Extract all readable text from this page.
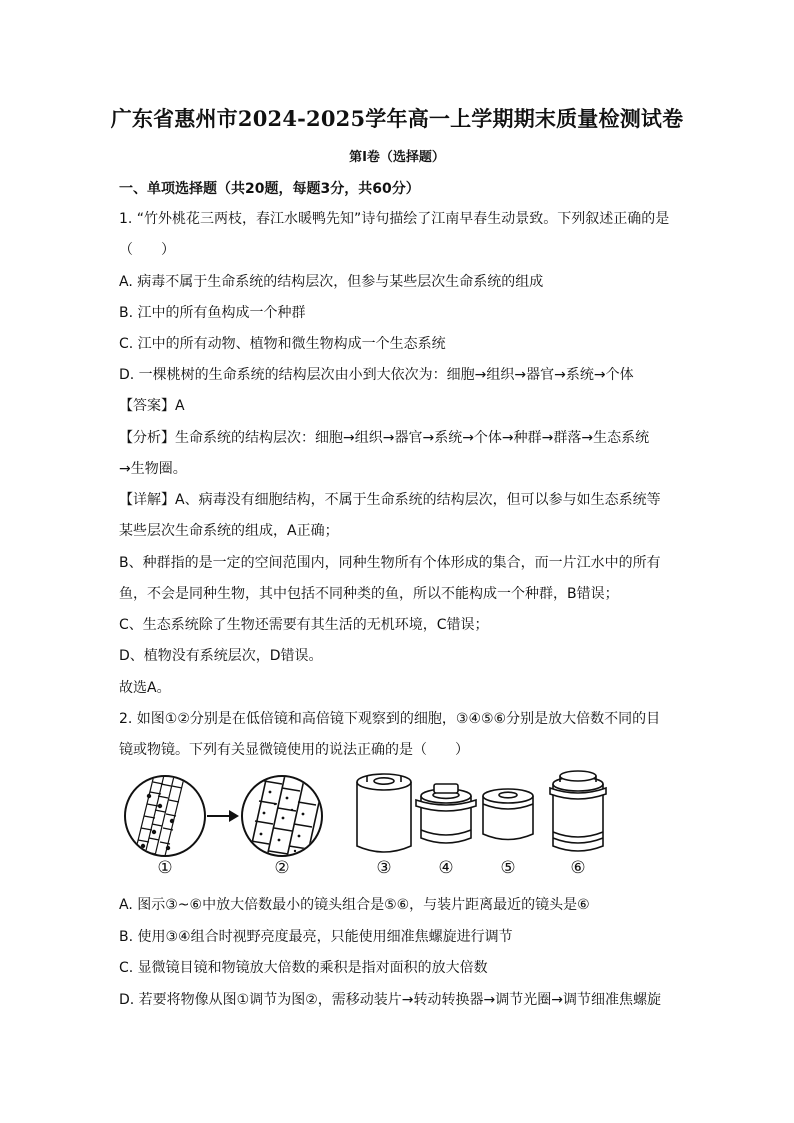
广东省惠州市2024-2025学年高一上学期期末质量检测试卷
第Ⅰ卷（选择题）
一、单项选择题（共20题，每题3分，共60分）
1. “竹外桃花三两枝，春江水暖鸭先知”诗句描绘了江南早春生动景致。下列叙述正确的是
（　　）
A. 病毒不属于生命系统的结构层次，但参与某些层次生命系统的组成
B. 江中的所有鱼构成一个种群
C. 江中的所有动物、植物和微生物构成一个生态系统
D. 一棵桃树的生命系统的结构层次由小到大依次为：细胞→组织→器官→系统→个体
【答案】A
【分析】生命系统的结构层次：细胞→组织→器官→系统→个体→种群→群落→生态系统
→生物圈。
【详解】A、病毒没有细胞结构，不属于生命系统的结构层次，但可以参与如生态系统等
某些层次生命系统的组成，A正确；
B、种群指的是一定的空间范围内，同种生物所有个体形成的集合，而一片江水中的所有
鱼，不会是同种生物，其中包括不同种类的鱼，所以不能构成一个种群，B错误；
C、生态系统除了生物还需要有其生活的无机环境，C错误；
D、植物没有系统层次，D错误。
故选A。
2. 如图①②分别是在低倍镜和高倍镜下观察到的细胞，③④⑤⑥分别是放大倍数不同的目
镜或物镜。下列有关显微镜使用的说法正确的是（　　）
①	②	③	④	⑤	⑥
A. 图示③~⑥中放大倍数最小的镜头组合是⑤⑥，与装片距离最近的镜头是⑥
B. 使用③④组合时视野亮度最亮，只能使用细准焦螺旋进行调节
C. 显微镜目镜和物镜放大倍数的乘积是指对面积的放大倍数
D. 若要将物像从图①调节为图②，需移动装片→转动转换器→调节光圈→调节细准焦螺旋
